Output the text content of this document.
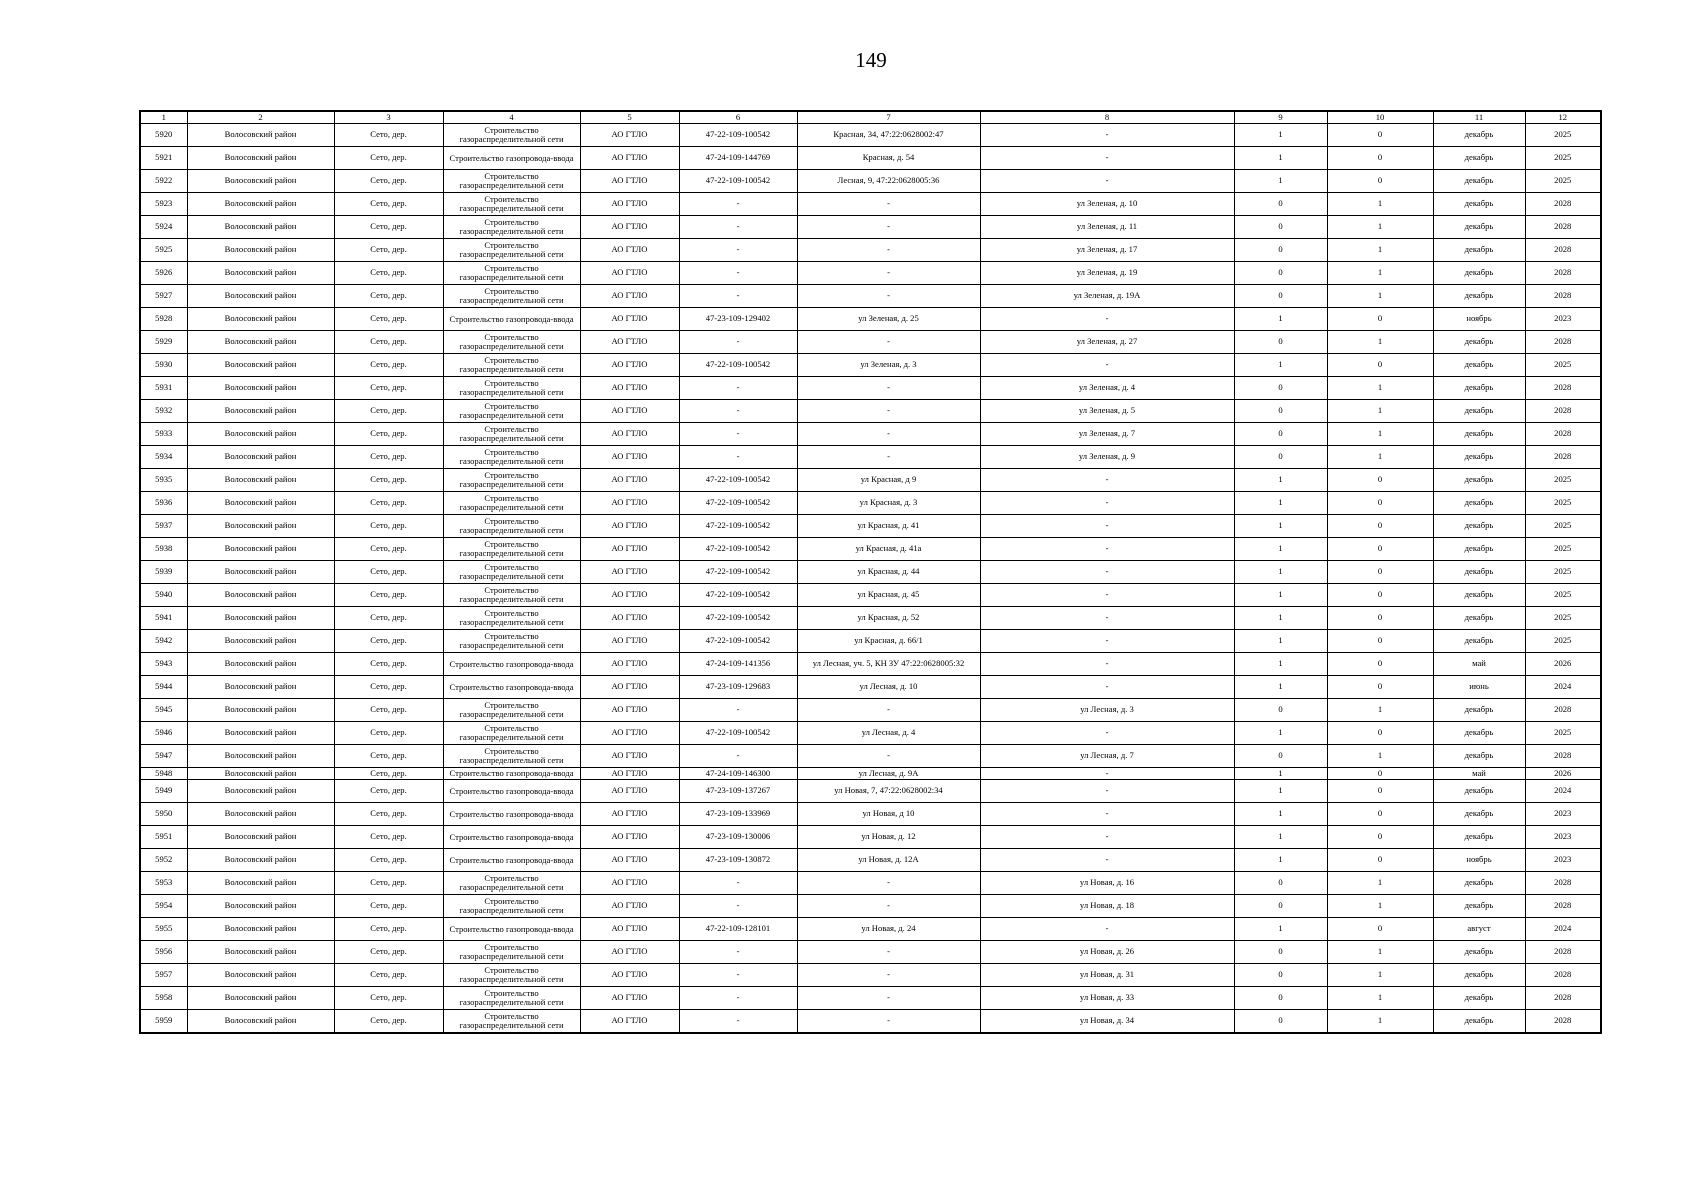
149
1	2	3	4	5	6	7	8	9	10	11	12
5920	Волосовский район	Сето, дер.	Строительство газораспределительной сети	АО ГТЛО	47-22-109-100542	Красная, 34, 47:22:0628002:47	-	1	0	декабрь	2025
5921	Волосовский район	Сето, дер.	Строительство газопровода-ввода	АО ГТЛО	47-24-109-144769	Красная, д. 54	-	1	0	декабрь	2025
5922	Волосовский район	Сето, дер.	Строительство газораспределительной сети	АО ГТЛО	47-22-109-100542	Лесная, 9, 47:22:0628005:36	-	1	0	декабрь	2025
5923	Волосовский район	Сето, дер.	Строительство газораспределительной сети	АО ГТЛО	-	-	ул Зеленая, д. 10	0	1	декабрь	2028
5924	Волосовский район	Сето, дер.	Строительство газораспределительной сети	АО ГТЛО	-	-	ул Зеленая, д. 11	0	1	декабрь	2028
5925	Волосовский район	Сето, дер.	Строительство газораспределительной сети	АО ГТЛО	-	-	ул Зеленая, д. 17	0	1	декабрь	2028
5926	Волосовский район	Сето, дер.	Строительство газораспределительной сети	АО ГТЛО	-	-	ул Зеленая, д. 19	0	1	декабрь	2028
5927	Волосовский район	Сето, дер.	Строительство газораспределительной сети	АО ГТЛО	-	-	ул Зеленая, д. 19А	0	1	декабрь	2028
5928	Волосовский район	Сето, дер.	Строительство газопровода-ввода	АО ГТЛО	47-23-109-129402	ул Зеленая, д. 25	-	1	0	ноябрь	2023
5929	Волосовский район	Сето, дер.	Строительство газораспределительной сети	АО ГТЛО	-	-	ул Зеленая, д. 27	0	1	декабрь	2028
5930	Волосовский район	Сето, дер.	Строительство газораспределительной сети	АО ГТЛО	47-22-109-100542	ул Зеленая, д. 3	-	1	0	декабрь	2025
5931	Волосовский район	Сето, дер.	Строительство газораспределительной сети	АО ГТЛО	-	-	ул Зеленая, д. 4	0	1	декабрь	2028
5932	Волосовский район	Сето, дер.	Строительство газораспределительной сети	АО ГТЛО	-	-	ул Зеленая, д. 5	0	1	декабрь	2028
5933	Волосовский район	Сето, дер.	Строительство газораспределительной сети	АО ГТЛО	-	-	ул Зеленая, д. 7	0	1	декабрь	2028
5934	Волосовский район	Сето, дер.	Строительство газораспределительной сети	АО ГТЛО	-	-	ул Зеленая, д. 9	0	1	декабрь	2028
5935	Волосовский район	Сето, дер.	Строительство газораспределительной сети	АО ГТЛО	47-22-109-100542	ул Красная, д 9	-	1	0	декабрь	2025
5936	Волосовский район	Сето, дер.	Строительство газораспределительной сети	АО ГТЛО	47-22-109-100542	ул Красная, д. 3	-	1	0	декабрь	2025
5937	Волосовский район	Сето, дер.	Строительство газораспределительной сети	АО ГТЛО	47-22-109-100542	ул Красная, д. 41	-	1	0	декабрь	2025
5938	Волосовский район	Сето, дер.	Строительство газораспределительной сети	АО ГТЛО	47-22-109-100542	ул Красная, д. 41а	-	1	0	декабрь	2025
5939	Волосовский район	Сето, дер.	Строительство газораспределительной сети	АО ГТЛО	47-22-109-100542	ул Красная, д. 44	-	1	0	декабрь	2025
5940	Волосовский район	Сето, дер.	Строительство газораспределительной сети	АО ГТЛО	47-22-109-100542	ул Красная, д. 45	-	1	0	декабрь	2025
5941	Волосовский район	Сето, дер.	Строительство газораспределительной сети	АО ГТЛО	47-22-109-100542	ул Красная, д. 52	-	1	0	декабрь	2025
5942	Волосовский район	Сето, дер.	Строительство газораспределительной сети	АО ГТЛО	47-22-109-100542	ул Красная, д. 66/1	-	1	0	декабрь	2025
5943	Волосовский район	Сето, дер.	Строительство газопровода-ввода	АО ГТЛО	47-24-109-141356	ул Лесная, уч. 5, КН ЗУ 47:22:0628005:32	-	1	0	май	2026
5944	Волосовский район	Сето, дер.	Строительство газопровода-ввода	АО ГТЛО	47-23-109-129683	ул Лесная, д. 10	-	1	0	июнь	2024
5945	Волосовский район	Сето, дер.	Строительство газораспределительной сети	АО ГТЛО	-	-	ул Лесная, д. 3	0	1	декабрь	2028
5946	Волосовский район	Сето, дер.	Строительство газораспределительной сети	АО ГТЛО	47-22-109-100542	ул Лесная, д. 4	-	1	0	декабрь	2025
5947	Волосовский район	Сето, дер.	Строительство газораспределительной сети	АО ГТЛО	-	-	ул Лесная, д. 7	0	1	декабрь	2028
5948	Волосовский район	Сето, дер.	Строительство газопровода-ввода	АО ГТЛО	47-24-109-146300	ул Лесная, д. 9А	-	1	0	май	2026
5949	Волосовский район	Сето, дер.	Строительство газопровода-ввода	АО ГТЛО	47-23-109-137267	ул Новая, 7, 47:22:0628002:34	-	1	0	декабрь	2024
5950	Волосовский район	Сето, дер.	Строительство газопровода-ввода	АО ГТЛО	47-23-109-133969	ул Новая, д 10	-	1	0	декабрь	2023
5951	Волосовский район	Сето, дер.	Строительство газопровода-ввода	АО ГТЛО	47-23-109-130006	ул Новая, д. 12	-	1	0	декабрь	2023
5952	Волосовский район	Сето, дер.	Строительство газопровода-ввода	АО ГТЛО	47-23-109-130872	ул Новая, д. 12А	-	1	0	ноябрь	2023
5953	Волосовский район	Сето, дер.	Строительство газораспределительной сети	АО ГТЛО	-	-	ул Новая, д. 16	0	1	декабрь	2028
5954	Волосовский район	Сето, дер.	Строительство газораспределительной сети	АО ГТЛО	-	-	ул Новая, д. 18	0	1	декабрь	2028
5955	Волосовский район	Сето, дер.	Строительство газопровода-ввода	АО ГТЛО	47-22-109-128101	ул Новая, д. 24	-	1	0	август	2024
5956	Волосовский район	Сето, дер.	Строительство газораспределительной сети	АО ГТЛО	-	-	ул Новая, д. 26	0	1	декабрь	2028
5957	Волосовский район	Сето, дер.	Строительство газораспределительной сети	АО ГТЛО	-	-	ул Новая, д. 31	0	1	декабрь	2028
5958	Волосовский район	Сето, дер.	Строительство газораспределительной сети	АО ГТЛО	-	-	ул Новая, д. 33	0	1	декабрь	2028
5959	Волосовский район	Сето, дер.	Строительство газораспределительной сети	АО ГТЛО	-	-	ул Новая, д. 34	0	1	декабрь	2028
